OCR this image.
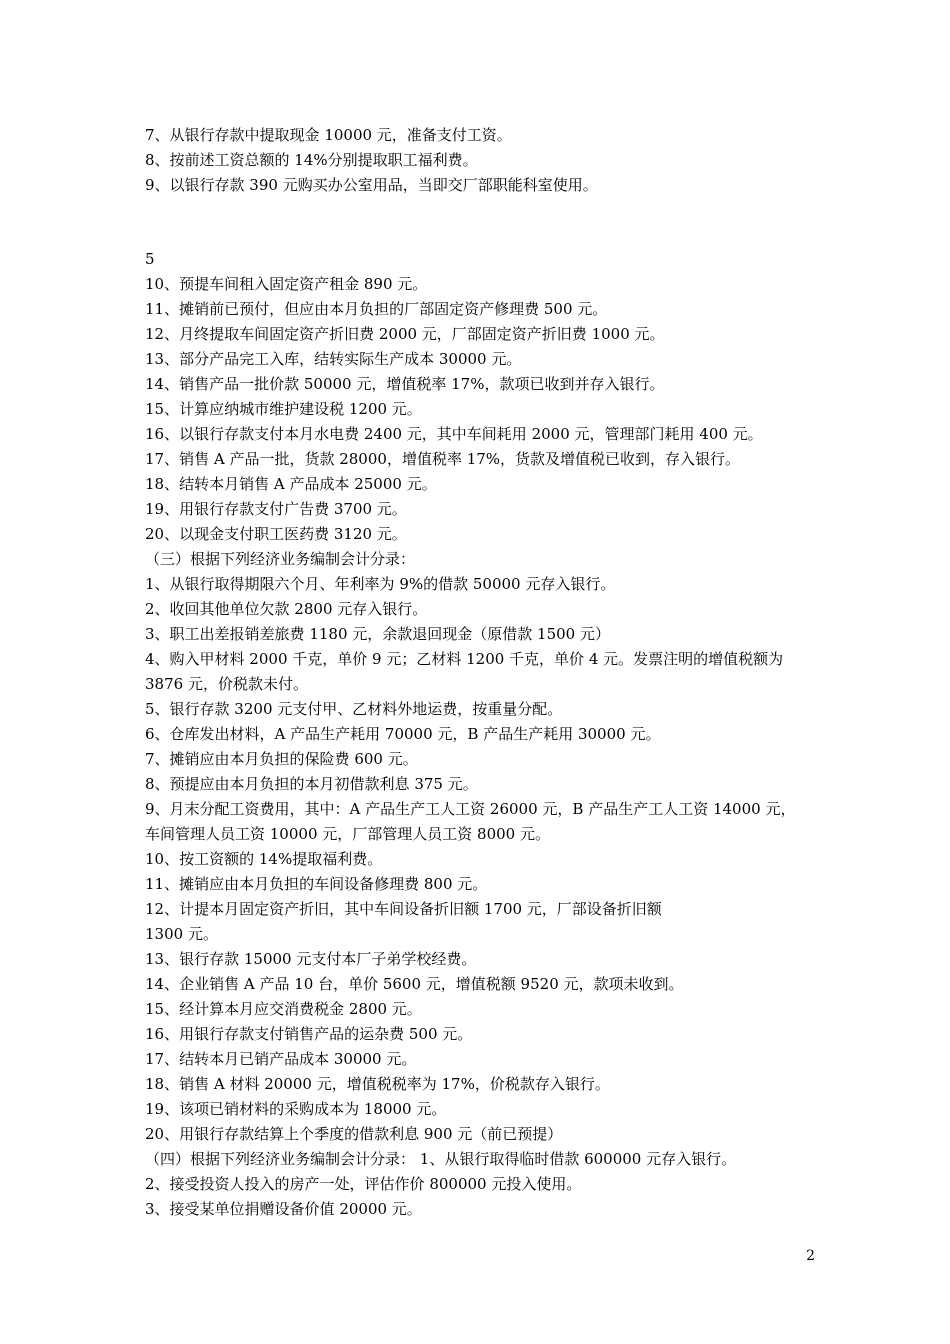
7、从银行存款中提取现金 10000 元，准备支付工资。
8、按前述工资总额的 14%分别提取职工福利费。
9、以银行存款 390 元购买办公室用品，当即交厂部职能科室使用。
5
10、预提车间租入固定资产租金 890 元。
11、摊销前已预付，但应由本月负担的厂部固定资产修理费 500 元。
12、月终提取车间固定资产折旧费 2000 元，厂部固定资产折旧费 1000 元。
13、部分产品完工入库，结转实际生产成本 30000 元。
14、销售产品一批价款 50000 元，增值税率 17%，款项已收到并存入银行。
15、计算应纳城市维护建设税 1200 元。
16、以银行存款支付本月水电费 2400 元，其中车间耗用 2000 元，管理部门耗用 400 元。
17、销售 A 产品一批，货款 28000，增值税率 17%，货款及增值税已收到，存入银行。
18、结转本月销售 A 产品成本 25000 元。
19、用银行存款支付广告费 3700 元。
20、以现金支付职工医药费 3120 元。
（三）根据下列经济业务编制会计分录：
1、从银行取得期限六个月、年利率为 9%的借款 50000 元存入银行。
2、收回其他单位欠款 2800 元存入银行。
3、职工出差报销差旅费 1180 元，余款退回现金（原借款 1500 元）
4、购入甲材料 2000 千克，单价 9 元；乙材料 1200 千克，单价 4 元。发票注明的增值税额为
3876 元，价税款未付。
5、银行存款 3200 元支付甲、乙材料外地运费，按重量分配。
6、仓库发出材料，A 产品生产耗用 70000 元，B 产品生产耗用 30000 元。
7、摊销应由本月负担的保险费 600 元。
8、预提应由本月负担的本月初借款利息 375 元。
9、月末分配工资费用，其中：A 产品生产工人工资 26000 元，B 产品生产工人工资 14000 元，
车间管理人员工资 10000 元，厂部管理人员工资 8000 元。
10、按工资额的 14%提取福利费。
11、摊销应由本月负担的车间设备修理费 800 元。
12、计提本月固定资产折旧，其中车间设备折旧额 1700 元，厂部设备折旧额
1300 元。
13、银行存款 15000 元支付本厂子弟学校经费。
14、企业销售 A 产品 10 台，单价 5600 元，增值税额 9520 元，款项未收到。
15、经计算本月应交消费税金 2800 元。
16、用银行存款支付销售产品的运杂费 500 元。
17、结转本月已销产品成本 30000 元。
18、销售 A 材料 20000 元，增值税税率为 17%，价税款存入银行。
19、该项已销材料的采购成本为 18000 元。
20、用银行存款结算上个季度的借款利息 900 元（前已预提）
（四）根据下列经济业务编制会计分录： 1、从银行取得临时借款 600000 元存入银行。
2、接受投资人投入的房产一处，评估作价 800000 元投入使用。
3、接受某单位捐赠设备价值 20000 元。
2
